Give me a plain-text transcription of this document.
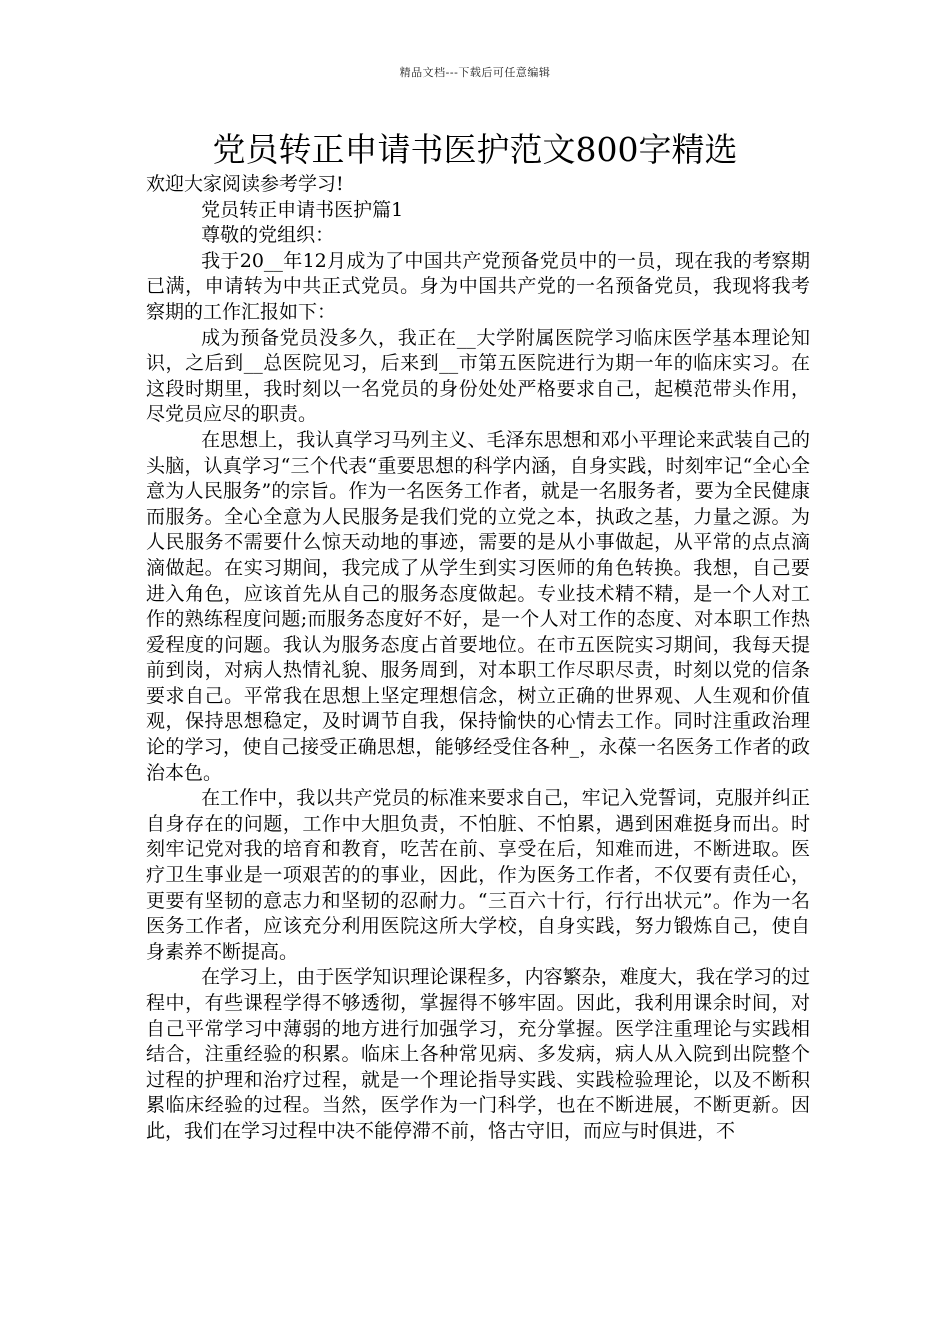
精品文档---下载后可任意编辑
党员转正申请书医护范文800字精选

欢迎大家阅读参考学习!

党员转正申请书医护篇1

尊敬的党组织：

我于20__年12月成为了中国共产党预备党员中的一员，现在我的考察期已满，申请转为中共正式党员。身为中国共产党的一名预备党员，我现将我考察期的工作汇报如下：

成为预备党员没多久，我正在__大学附属医院学习临床医学基本理论知识，之后到__总医院见习，后来到__市第五医院进行为期一年的临床实习。在这段时期里，我时刻以一名党员的身份处处严格要求自己，起模范带头作用，尽党员应尽的职责。

在思想上，我认真学习马列主义、毛泽东思想和邓小平理论来武装自己的头脑，认真学习“三个代表“重要思想的科学内涵，自身实践，时刻牢记“全心全意为人民服务”的宗旨。作为一名医务工作者，就是一名服务者，要为全民健康而服务。全心全意为人民服务是我们党的立党之本，执政之基，力量之源。为人民服务不需要什么惊天动地的事迹，需要的是从小事做起，从平常的点点滴滴做起。在实习期间，我完成了从学生到实习医师的角色转换。我想，自己要进入角色，应该首先从自己的服务态度做起。专业技术精不精，是一个人对工作的熟练程度问题;而服务态度好不好，是一个人对工作的态度、对本职工作热爱程度的问题。我认为服务态度占首要地位。在市五医院实习期间，我每天提前到岗，对病人热情礼貌、服务周到，对本职工作尽职尽责，时刻以党的信条要求自己。平常我在思想上坚定理想信念，树立正确的世界观、人生观和价值观，保持思想稳定，及时调节自我，保持愉快的心情去工作。同时注重政治理论的学习，使自己接受正确思想，能够经受住各种_，永葆一名医务工作者的政治本色。

在工作中，我以共产党员的标准来要求自己，牢记入党誓词，克服并纠正自身存在的问题，工作中大胆负责，不怕脏、不怕累，遇到困难挺身而出。时刻牢记党对我的培育和教育，吃苦在前、享受在后，知难而进，不断进取。医疗卫生事业是一项艰苦的的事业，因此，作为医务工作者，不仅要有责任心，更要有坚韧的意志力和坚韧的忍耐力。“三百六十行，行行出状元”。作为一名医务工作者，应该充分利用医院这所大学校，自身实践，努力锻炼自己，使自身素养不断提高。

在学习上，由于医学知识理论课程多，内容繁杂，难度大，我在学习的过程中，有些课程学得不够透彻，掌握得不够牢固。因此，我利用课余时间，对自己平常学习中薄弱的地方进行加强学习，充分掌握。医学注重理论与实践相结合，注重经验的积累。临床上各种常见病、多发病，病人从入院到出院整个过程的护理和治疗过程，就是一个理论指导实践、实践检验理论，以及不断积累临床经验的过程。当然，医学作为一门科学，也在不断进展，不断更新。因此，我们在学习过程中决不能停滞不前，恪古守旧，而应与时俱进，不
